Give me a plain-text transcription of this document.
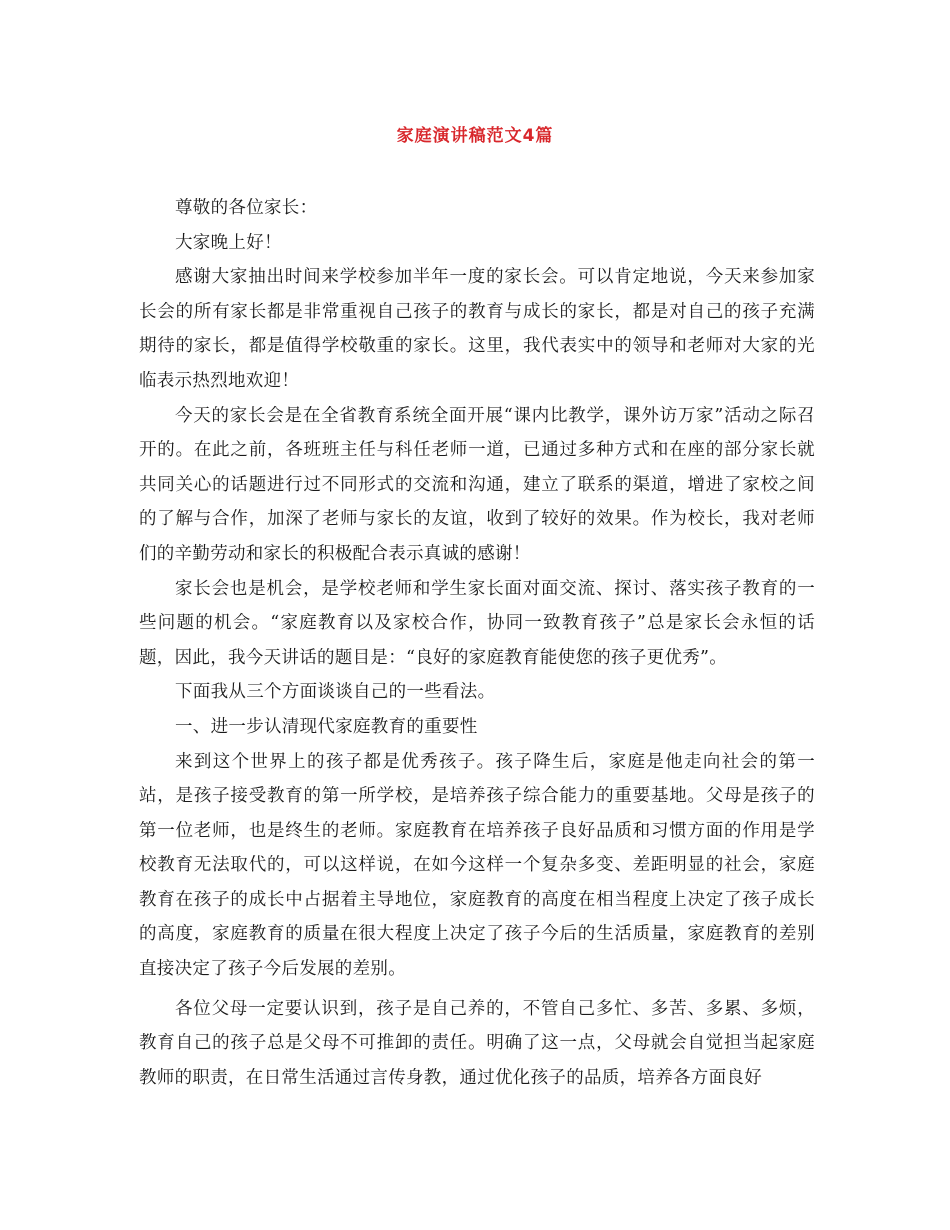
家庭演讲稿范文4篇

尊敬的各位家长：

大家晚上好！

感谢大家抽出时间来学校参加半年一度的家长会。可以肯定地说，今天来参加家长会的所有家长都是非常重视自己孩子的教育与成长的家长，都是对自己的孩子充满期待的家长，都是值得学校敬重的家长。这里，我代表实中的领导和老师对大家的光临表示热烈地欢迎！

今天的家长会是在全省教育系统全面开展“课内比教学，课外访万家”活动之际召开的。在此之前，各班班主任与科任老师一道，已通过多种方式和在座的部分家长就共同关心的话题进行过不同形式的交流和沟通，建立了联系的渠道，增进了家校之间的了解与合作，加深了老师与家长的友谊，收到了较好的效果。作为校长，我对老师们的辛勤劳动和家长的积极配合表示真诚的感谢！

家长会也是机会，是学校老师和学生家长面对面交流、探讨、落实孩子教育的一些问题的机会。“家庭教育以及家校合作，协同一致教育孩子”总是家长会永恒的话题，因此，我今天讲话的题目是：“良好的家庭教育能使您的孩子更优秀”。

下面我从三个方面谈谈自己的一些看法。

一、进一步认清现代家庭教育的重要性

来到这个世界上的孩子都是优秀孩子。孩子降生后，家庭是他走向社会的第一站，是孩子接受教育的第一所学校，是培养孩子综合能力的重要基地。父母是孩子的第一位老师，也是终生的老师。家庭教育在培养孩子良好品质和习惯方面的作用是学校教育无法取代的，可以这样说，在如今这样一个复杂多变、差距明显的社会，家庭教育在孩子的成长中占据着主导地位，家庭教育的高度在相当程度上决定了孩子成长的高度，家庭教育的质量在很大程度上决定了孩子今后的生活质量，家庭教育的差别直接决定了孩子今后发展的差别。

各位父母一定要认识到，孩子是自己养的，不管自己多忙、多苦、多累、多烦，教育自己的孩子总是父母不可推卸的责任。明确了这一点，父母就会自觉担当起家庭教师的职责，在日常生活通过言传身教，通过优化孩子的品质，培养各方面良好
